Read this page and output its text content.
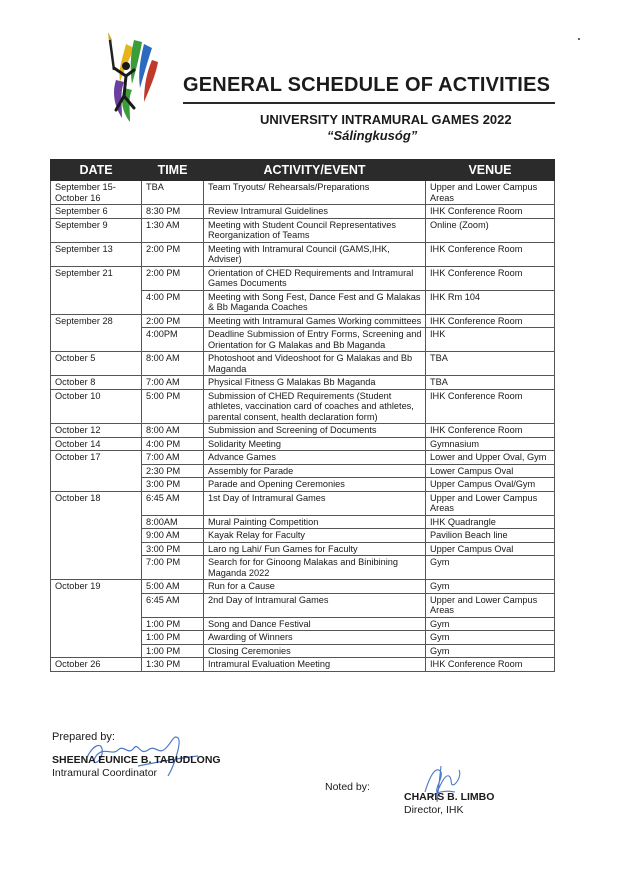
GENERAL SCHEDULE OF ACTIVITIES
UNIVERSITY INTRAMURAL GAMES 2022
“Sálingkusóg”
DATE	TIME	ACTIVITY/EVENT	VENUE
September 15-October 16	TBA	Team Tryouts/ Rehearsals/Preparations	Upper and Lower Campus Areas
September 6	8:30 PM	Review Intramural Guidelines	IHK Conference Room
September 9	1:30 AM	Meeting with Student Council Representatives Reorganization of Teams	Online (Zoom)
September 13	2:00 PM	Meeting with Intramural Council (GAMS,IHK, Adviser)	IHK Conference Room
September 21	2:00 PM	Orientation of CHED Requirements and Intramural Games Documents	IHK Conference Room
	4:00 PM	Meeting with Song Fest, Dance Fest and G Malakas & Bb Maganda Coaches	IHK Rm 104
September 28	2:00 PM	Meeting with Intramural Games Working committees	IHK Conference Room
	4:00PM	Deadline Submission of Entry Forms, Screening and Orientation for G Malakas and Bb Maganda	IHK
October 5	8:00 AM	Photoshoot and Videoshoot for G Malakas and Bb Maganda	TBA
October 8	7:00 AM	Physical Fitness G Malakas Bb Maganda	TBA
October 10	5:00 PM	Submission of CHED Requirements (Student athletes, vaccination card of coaches and athletes, parental consent, health declaration form)	IHK Conference Room
October 12	8:00 AM	Submission and Screening of Documents	IHK Conference Room
October 14	4:00 PM	Solidarity Meeting	Gymnasium
October 17	7:00 AM	Advance Games	Lower and Upper Oval, Gym
	2:30 PM	Assembly for Parade	Lower Campus Oval
	3:00 PM	Parade and Opening Ceremonies	Upper Campus Oval/Gym
October 18	6:45 AM	1st Day of Intramural Games	Upper and Lower Campus Areas
	8:00AM	Mural Painting Competition	IHK Quadrangle
	9:00 AM	Kayak Relay for Faculty	Pavilion Beach line
	3:00 PM	Laro ng Lahi/ Fun Games for Faculty	Upper Campus Oval
	7:00 PM	Search for for Ginoong Malakas and Binibining Maganda 2022	Gym
October 19	5:00 AM	Run for a Cause	Gym
	6:45 AM	2nd Day of Intramural Games	Upper and Lower Campus Areas
	1:00 PM	Song and Dance Festival	Gym
	1:00 PM	Awarding of Winners	Gym
	1:00 PM	Closing Ceremonies	Gym
October 26	1:30 PM	Intramural Evaluation Meeting	IHK Conference Room
Prepared by:
SHEENA EUNICE B. TABUDLONG
Intramural Coordinator
Noted by:
CHARIS B. LIMBO
Director, IHK
